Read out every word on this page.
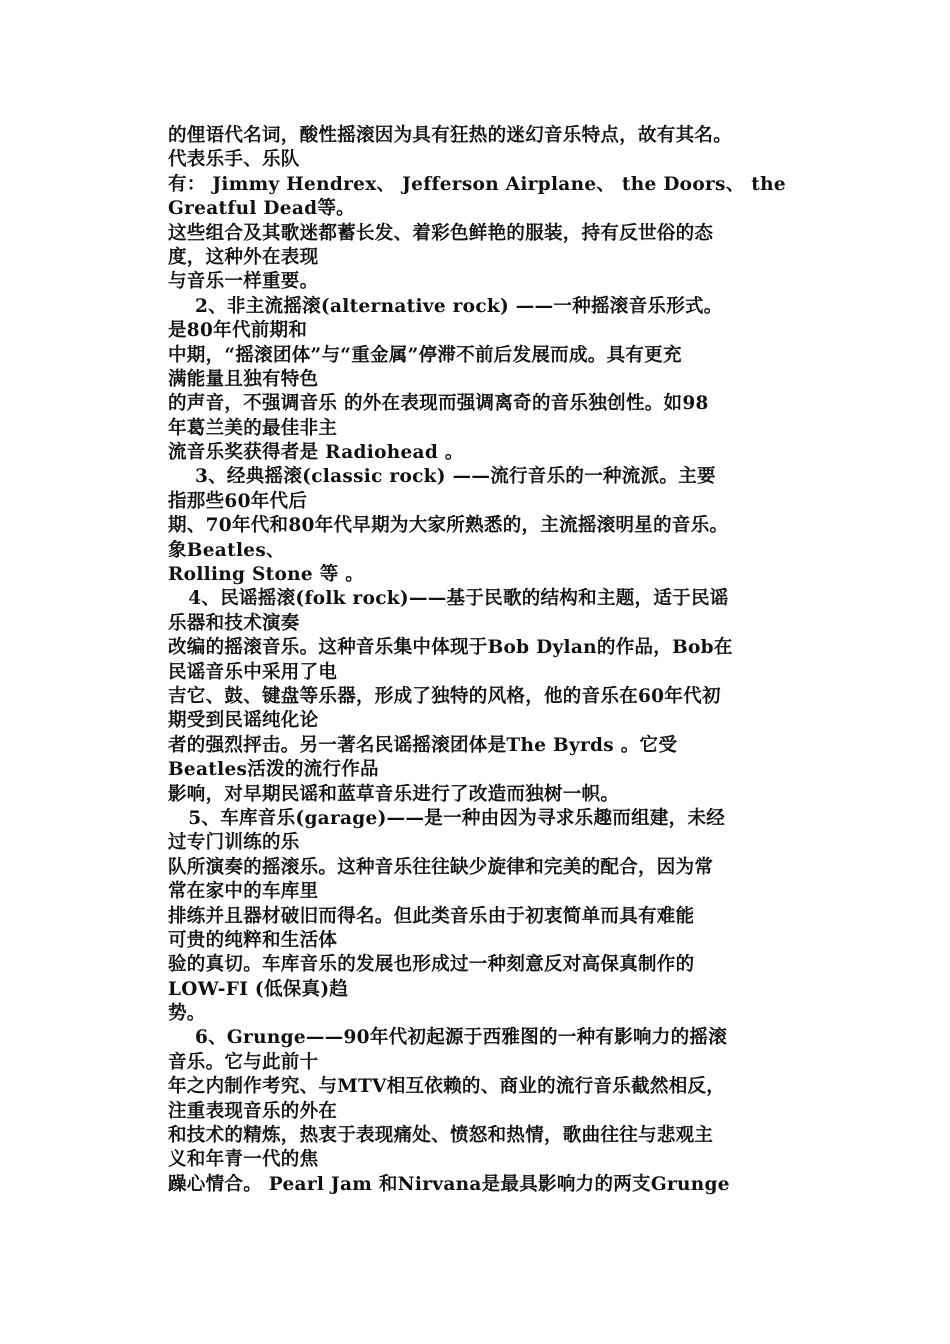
的俚语代名词，酸性摇滚因为具有狂热的迷幻音乐特点，故有其名。
代表乐手、乐队
有： Jimmy Hendrex、 Jefferson Airplane、 the Doors、 the
Greatful Dead等。
这些组合及其歌迷都蓄长发、着彩色鲜艳的服装，持有反世俗的态
度，这种外在表现
与音乐一样重要。
2、非主流摇滚(alternative rock) ——一种摇滚音乐形式。
是80年代前期和
中期，“摇滚团体”与“重金属”停滞不前后发展而成。具有更充
满能量且独有特色
的声音，不强调音乐 的外在表现而强调离奇的音乐独创性。如98
年葛兰美的最佳非主
流音乐奖获得者是 Radiohead 。
3、经典摇滚(classic rock) ——流行音乐的一种流派。主要
指那些60年代后
期、70年代和80年代早期为大家所熟悉的，主流摇滚明星的音乐。
象Beatles、
Rolling Stone 等 。
4、民谣摇滚(folk rock)——基于民歌的结构和主题，适于民谣
乐器和技术演奏
改编的摇滚音乐。这种音乐集中体现于Bob Dylan的作品，Bob在
民谣音乐中采用了电
吉它、鼓、键盘等乐器，形成了独特的风格，他的音乐在60年代初
期受到民谣纯化论
者的强烈抨击。另一著名民谣摇滚团体是The Byrds 。它受
Beatles活泼的流行作品
影响，对早期民谣和蓝草音乐进行了改造而独树一帜。
5、车库音乐(garage)——是一种由因为寻求乐趣而组建，未经
过专门训练的乐
队所演奏的摇滚乐。这种音乐往往缺少旋律和完美的配合，因为常
常在家中的车库里
排练并且器材破旧而得名。但此类音乐由于初衷简单而具有难能
可贵的纯粹和生活体
验的真切。车库音乐的发展也形成过一种刻意反对高保真制作的
LOW-FI (低保真)趋
势。
6、Grunge——90年代初起源于西雅图的一种有影响力的摇滚
音乐。它与此前十
年之内制作考究、与MTV相互依赖的、商业的流行音乐截然相反，
注重表现音乐的外在
和技术的精炼，热衷于表现痛处、愤怒和热情，歌曲往往与悲观主
义和年青一代的焦
躁心情合。 Pearl Jam 和Nirvana是最具影响力的两支Grunge
